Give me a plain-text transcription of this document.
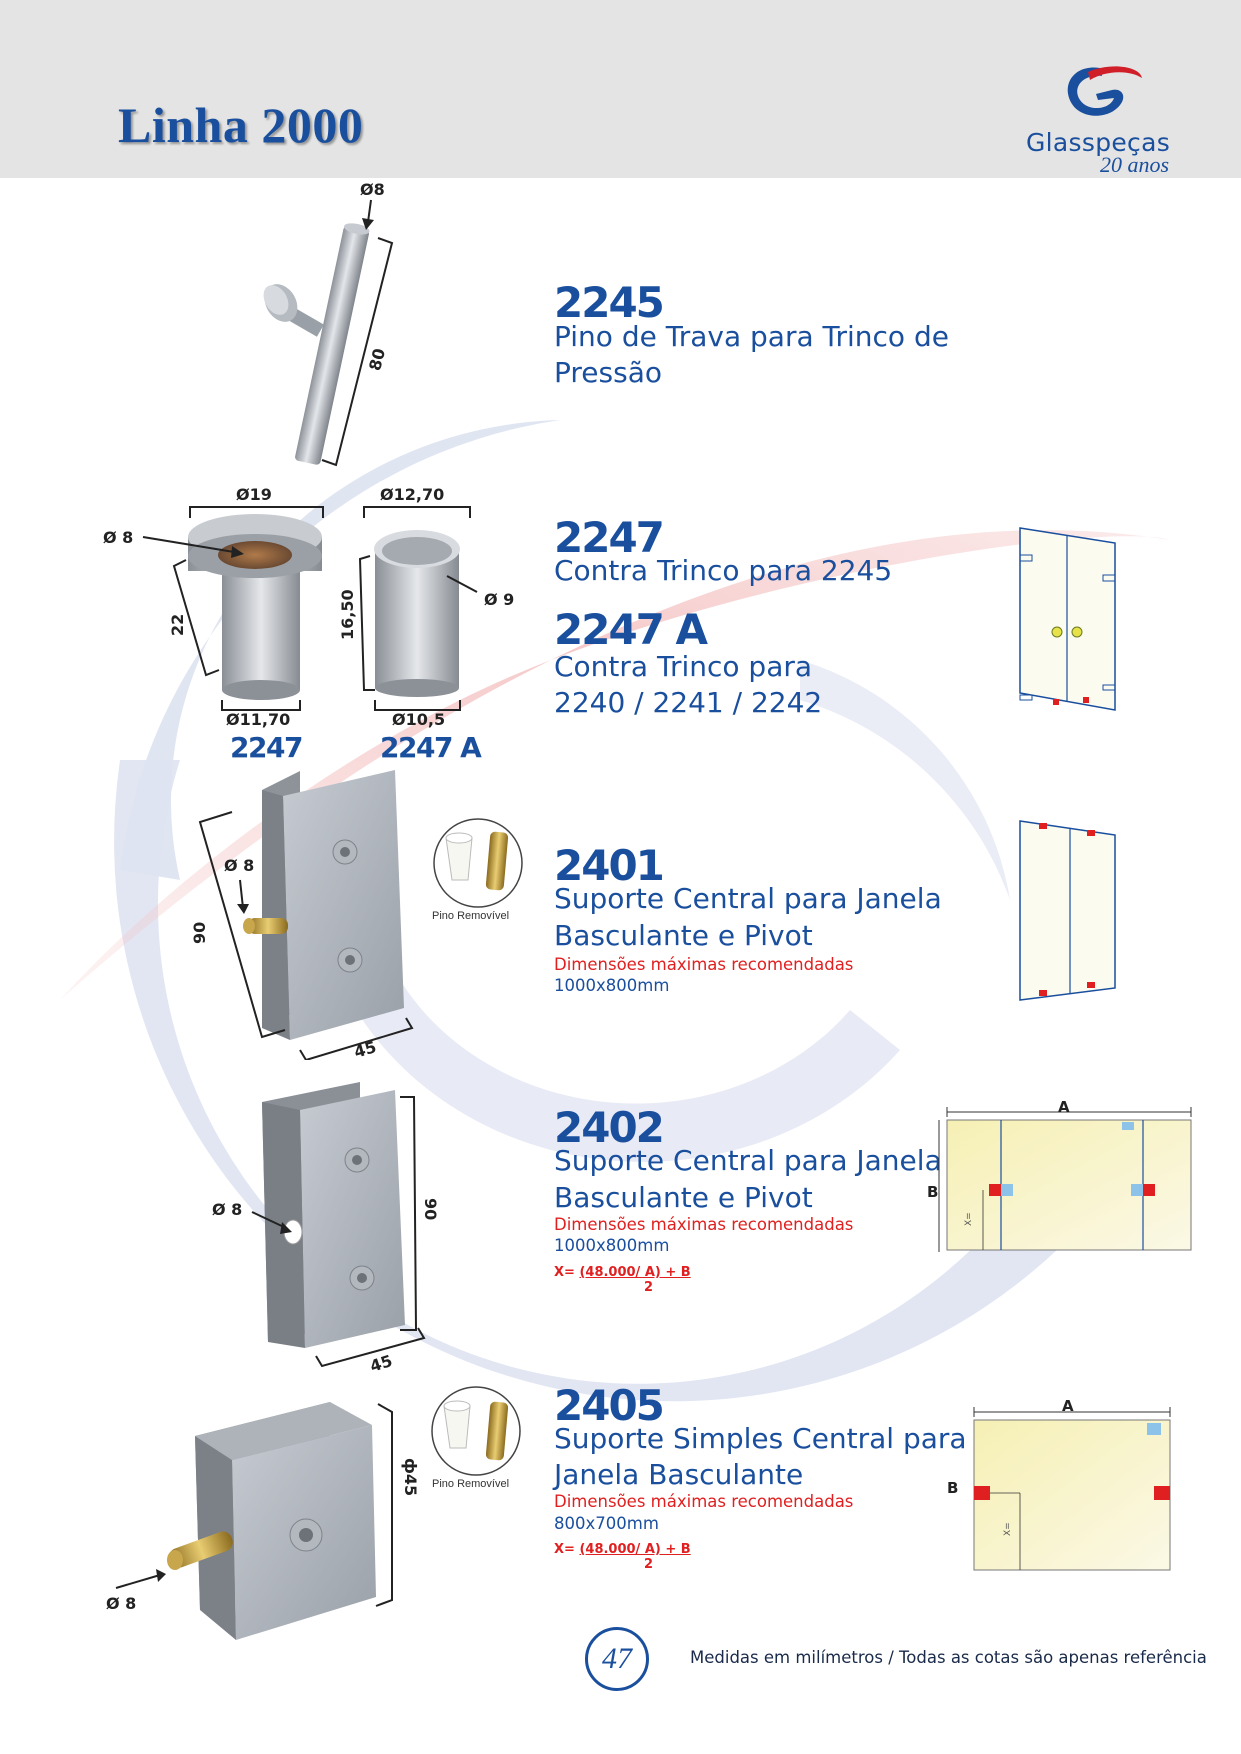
Linha 2000	Glasspeças
20 anos
Ø8
80
2245
Pino de Trava para Trinco de
Pressão
Ø19	Ø12,70
Ø 8
Ø 9
22	16,50
Ø11,70	Ø10,5
2247	2247 A
2247
Contra Trinco para 2245
2247 A
Contra Trinco para
2240 / 2241 / 2242
Ø 8
90
45
Pino Removível
2401
Suporte Central para Janela
Basculante e Pivot
Dimensões máximas recomendadas
1000x800mm
Ø 8	90
45
2402
Suporte Central para Janela
Basculante e Pivot
Dimensões máximas recomendadas
1000x800mm
X= (48.000/ A) + B
2
X=
A
B
Ø 8
ф45 Pino Removível
2405
Suporte Simples Central para
Janela Basculante
Dimensões máximas recomendadas
800x700mm
X= (48.000/ A) + B
2
X=
A
B
47	Medidas em milímetros / Todas as cotas são apenas referência
